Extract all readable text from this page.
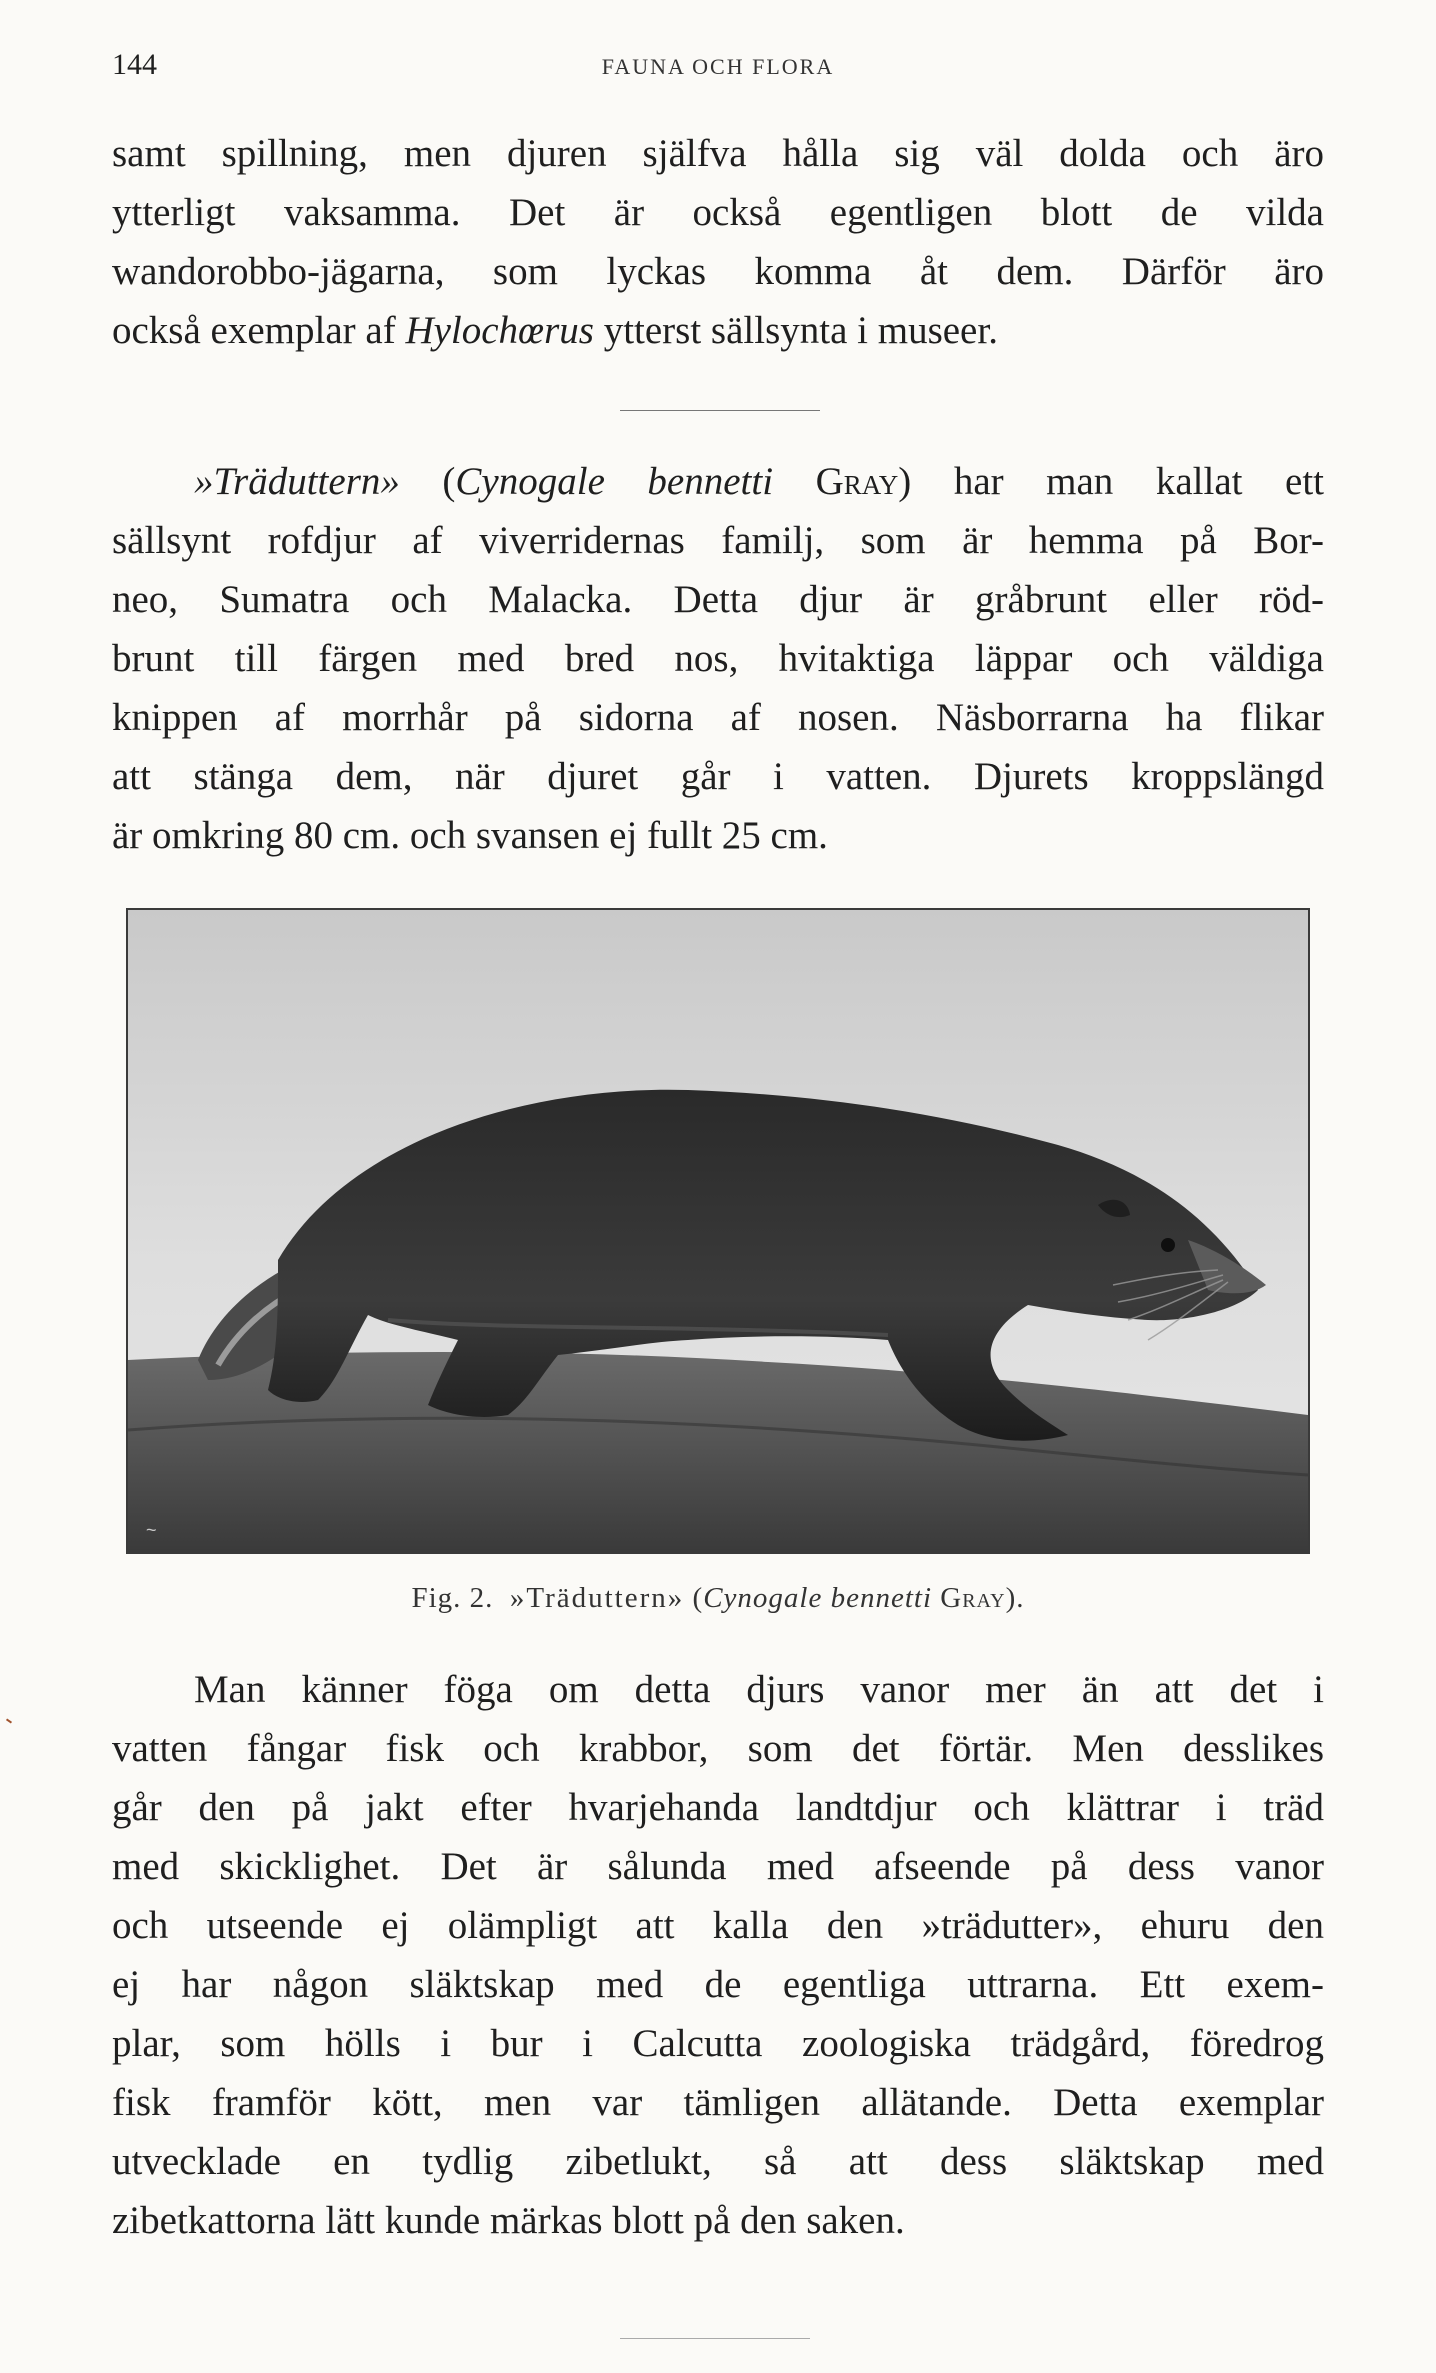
144	FAUNA OCH FLORA

samt spillning, men djuren själfva hålla sig väl dolda och äro
ytterligt vaksamma. Det är också egentligen blott de vilda
wandorobbo-jägarna, som lyckas komma åt dem. Därför äro
också exemplar af Hylochœrus ytterst sällsynta i museer.

»Träduttern» (Cynogale bennetti Gray) har man kallat ett
sällsynt rofdjur af viverridernas familj, som är hemma på Bor-
neo, Sumatra och Malacka. Detta djur är gråbrunt eller röd-
brunt till färgen med bred nos, hvitaktiga läppar och väldiga
knippen af morrhår på sidorna af nosen. Näsborrarna ha flikar
att stänga dem, när djuret går i vatten. Djurets kroppslängd
är omkring 80 cm. och svansen ej fullt 25 cm.

~
Fig. 2. »Träduttern» (Cynogale bennetti Gray).

Man känner föga om detta djurs vanor mer än att det i
vatten fångar fisk och krabbor, som det förtär. Men desslikes
går den på jakt efter hvarjehanda landtdjur och klättrar i träd
med skicklighet. Det är sålunda med afseende på dess vanor
och utseende ej olämpligt att kalla den »trädutter», ehuru den
ej har någon släktskap med de egentliga uttrarna. Ett exem-
plar, som hölls i bur i Calcutta zoologiska trädgård, föredrog
fisk framför kött, men var tämligen allätande. Detta exemplar
utvecklade en tydlig zibetlukt, så att dess släktskap med
zibetkattorna lätt kunde märkas blott på den saken.
